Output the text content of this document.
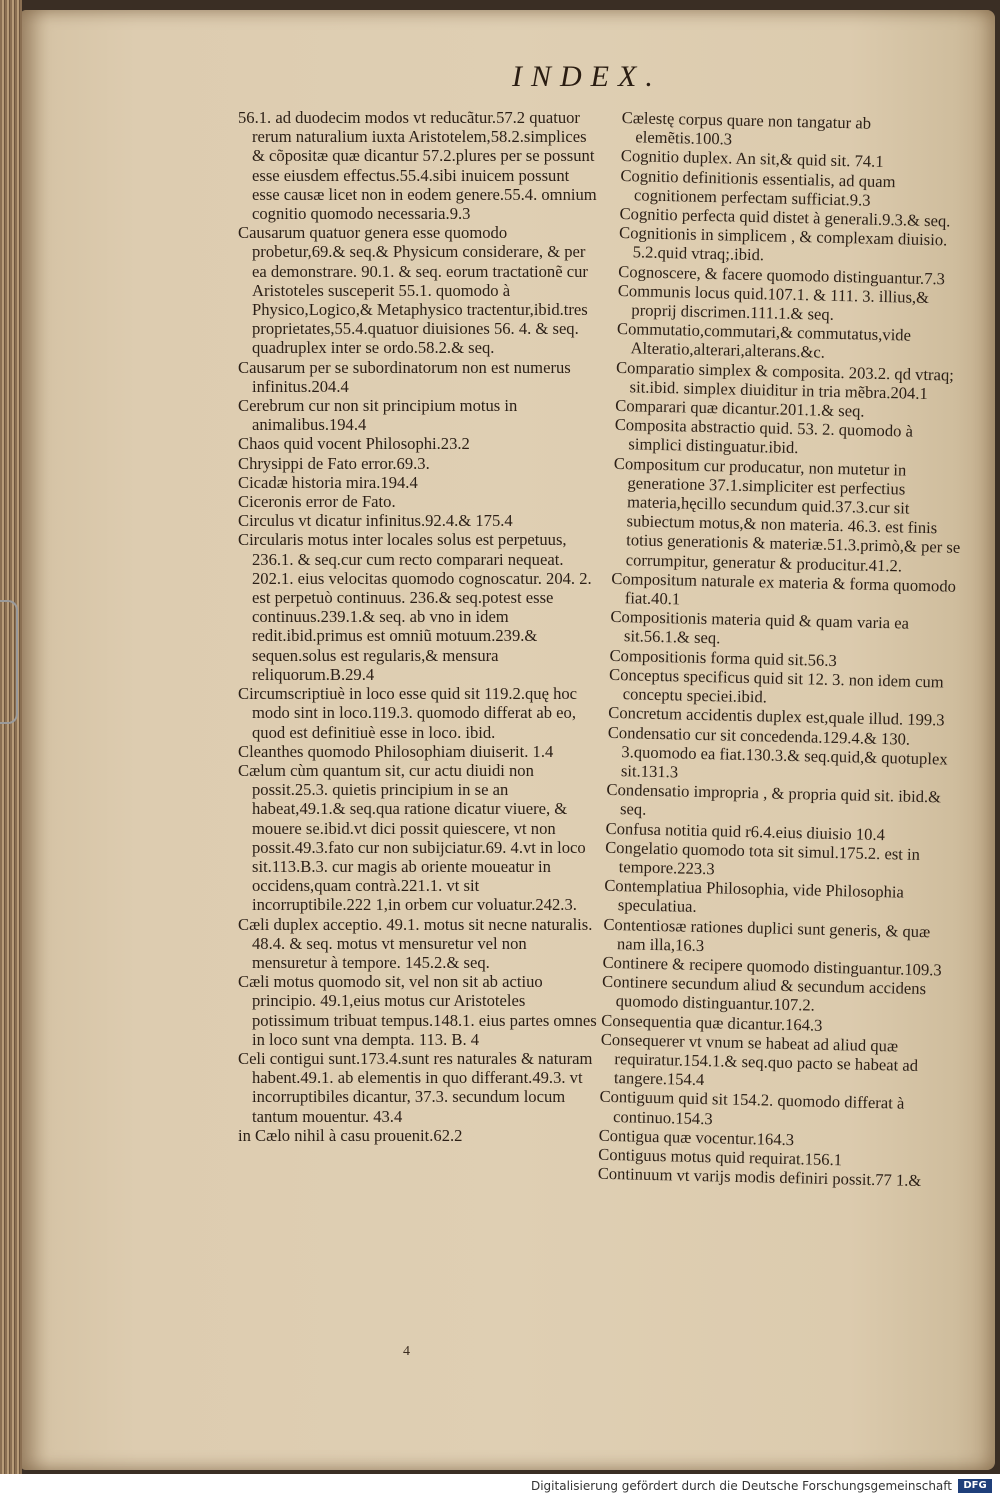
INDEX.

56.1. ad duodecim modos vt reducãtur.57.2 quatuor rerum naturalium iuxta Aristotelem,58.2.simplices & cõpositæ quæ dicantur 57.2.plures per se possunt esse eiusdem effectus.55.4.sibi inuicem possunt esse causæ licet non in eodem genere.55.4. omnium cognitio quomodo necessaria.9.3

Causarum quatuor genera esse quomodo probetur,69.& seq.& Physicum considerare, & per ea demonstrare. 90.1. & seq. eorum tractationẽ cur Aristoteles susceperit 55.1. quomodo à Physico,Logico,& Metaphysico tractentur,ibid.tres proprietates,55.4.quatuor diuisiones 56. 4. & seq. quadruplex inter se ordo.58.2.& seq.

Causarum per se subordinatorum non est numerus infinitus.204.4

Cerebrum cur non sit principium motus in animalibus.194.4

Chaos quid vocent Philosophi.23.2

Chrysippi de Fato error.69.3.

Cicadæ historia mira.194.4

Ciceronis error de Fato.

Circulus vt dicatur infinitus.92.4.& 175.4

Circularis motus inter locales solus est perpetuus, 236.1. & seq.cur cum recto comparari nequeat. 202.1. eius velocitas quomodo cognoscatur. 204. 2. est perpetuò continuus. 236.& seq.potest esse continuus.239.1.& seq. ab vno in idem redit.ibid.primus est omniũ motuum.239.& sequen.solus est regularis,& mensura reliquorum.B.29.4

Circumscriptiuè in loco esse quid sit 119.2.quę hoc modo sint in loco.119.3. quomodo differat ab eo, quod est definitiuè esse in loco. ibid.

Cleanthes quomodo Philosophiam diuiserit. 1.4

Cælum cùm quantum sit, cur actu diuidi non possit.25.3. quietis principium in se an habeat,49.1.& seq.qua ratione dicatur viuere, & mouere se.ibid.vt dici possit quiescere, vt non possit.49.3.fato cur non subijciatur.69. 4.vt in loco sit.113.B.3. cur magis ab oriente moueatur in occidens,quam contrà.221.1. vt sit incorruptibile.222 1,in orbem cur voluatur.242.3.

Cæli duplex acceptio. 49.1. motus sit necne naturalis. 48.4. & seq. motus vt mensuretur vel non mensuretur à tempore. 145.2.& seq.

Cæli motus quomodo sit, vel non sit ab actiuo principio. 49.1,eius motus cur Aristoteles potissimum tribuat tempus.148.1. eius partes omnes in loco sunt vna dempta. 113. B. 4

Celi contigui sunt.173.4.sunt res naturales & naturam habent.49.1. ab elementis in quo differant.49.3. vt incorruptibiles dicantur, 37.3. secundum locum tantum mouentur. 43.4

in Cælo nihil à casu prouenit.62.2

Cælestę corpus quare non tangatur ab elemẽtis.100.3

Cognitio duplex. An sit,& quid sit. 74.1

Cognitio definitionis essentialis, ad quam cognitionem perfectam sufficiat.9.3

Cognitio perfecta quid distet à generali.9.3.& seq.

Cognitionis in simplicem , & complexam diuisio. 5.2.quid vtraq;.ibid.

Cognoscere, & facere quomodo distinguantur.7.3

Communis locus quid.107.1. & 111. 3. illius,& proprij discrimen.111.1.& seq.

Commutatio,commutari,& commutatus,vide Alteratio,alterari,alterans.&c.

Comparatio simplex & composita. 203.2. qd vtraq; sit.ibid. simplex diuiditur in tria mẽbra.204.1

Comparari quæ dicantur.201.1.& seq.

Composita abstractio quid. 53. 2. quomodo à simplici distinguatur.ibid.

Compositum cur producatur, non mutetur in generatione 37.1.simpliciter est perfectius materia,hęcillo secundum quid.37.3.cur sit subiectum motus,& non materia. 46.3. est finis totius generationis & materiæ.51.3.primò,& per se corrumpitur, generatur & producitur.41.2.

Compositum naturale ex materia & forma quomodo fiat.40.1

Compositionis materia quid & quam varia ea sit.56.1.& seq.

Compositionis forma quid sit.56.3

Conceptus specificus quid sit 12. 3. non idem cum conceptu speciei.ibid.

Concretum accidentis duplex est,quale illud. 199.3

Condensatio cur sit concedenda.129.4.& 130. 3.quomodo ea fiat.130.3.& seq.quid,& quotuplex sit.131.3

Condensatio impropria , & propria quid sit. ibid.& seq.

Confusa notitia quid r6.4.eius diuisio 10.4

Congelatio quomodo tota sit simul.175.2. est in tempore.223.3

Contemplatiua Philosophia, vide Philosophia speculatiua.

Contentiosæ rationes duplici sunt generis, & quæ nam illa,16.3

Continere & recipere quomodo distinguantur.109.3

Continere secundum aliud & secundum accidens quomodo distinguantur.107.2.

Consequentia quæ dicantur.164.3

Consequerer vt vnum se habeat ad aliud quæ requiratur.154.1.& seq.quo pacto se habeat ad tangere.154.4

Contiguum quid sit 154.2. quomodo differat à continuo.154.3

Contigua quæ vocentur.164.3

Contiguus motus quid requirat.156.1

Continuum vt varijs modis definiri possit.77 1.&

4
Digitalisierung gefördert durch die Deutsche Forschungsgemeinschaft	DFG
